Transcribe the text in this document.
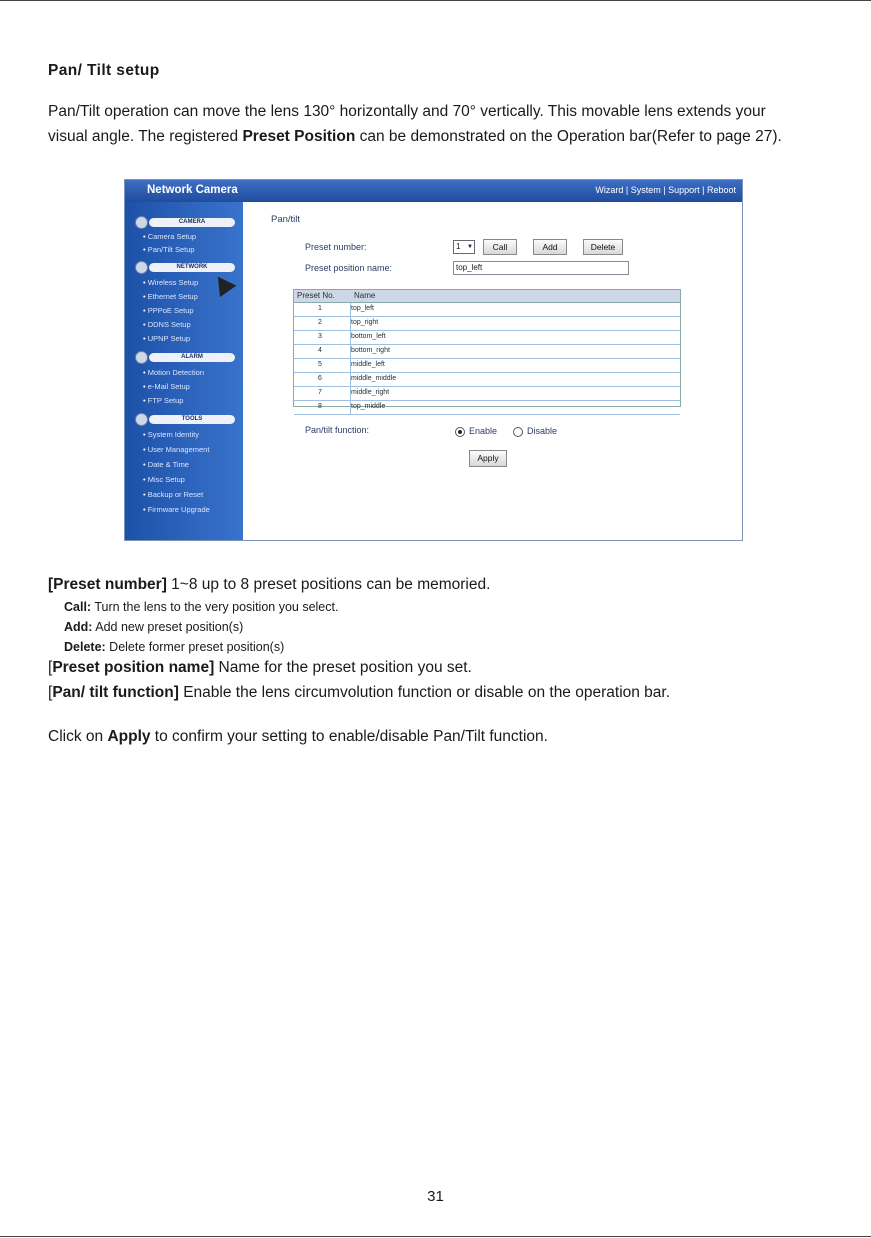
Pan/ Tilt setup
Pan/Tilt operation can move the lens 130° horizontally and 70° vertically. This movable lens extends your
visual angle. The registered Preset Position can be demonstrated on the Operation bar(Refer to page 27).
Network Camera	Wizard | System | Support | Reboot
CAMERA
• Camera Setup
• Pan/Tilt Setup
NETWORK
• Wireless Setup
• Ethernet Setup
• PPPoE Setup
• DDNS Setup
• UPNP Setup
ALARM
• Motion Detection
• e-Mail Setup
• FTP Setup
TOOLS
• System Identity
• User Management
• Date & Time
• Misc Setup
• Backup or Reset
• Firmware Upgrade
Pan/tilt
Preset number:	1 ▼	Call	Add	Delete
Preset position name:	top_left
Preset No. Name
1	top_left
2	top_right
3	bottom_left
4	bottom_right
5	middle_left
6	middle_middle
7	middle_right
8	top_middle
Pan/tilt function:	Enable	Disable
Apply
[Preset number] 1~8 up to 8 preset positions can be memoried.
Call: Turn the lens to the very position you select.
Add: Add new preset position(s)
Delete: Delete former preset position(s)
[Preset position name] Name for the preset position you set.
[Pan/ tilt function] Enable the lens circumvolution function or disable on the operation bar.
Click on Apply to confirm your setting to enable/disable Pan/Tilt function.
31
